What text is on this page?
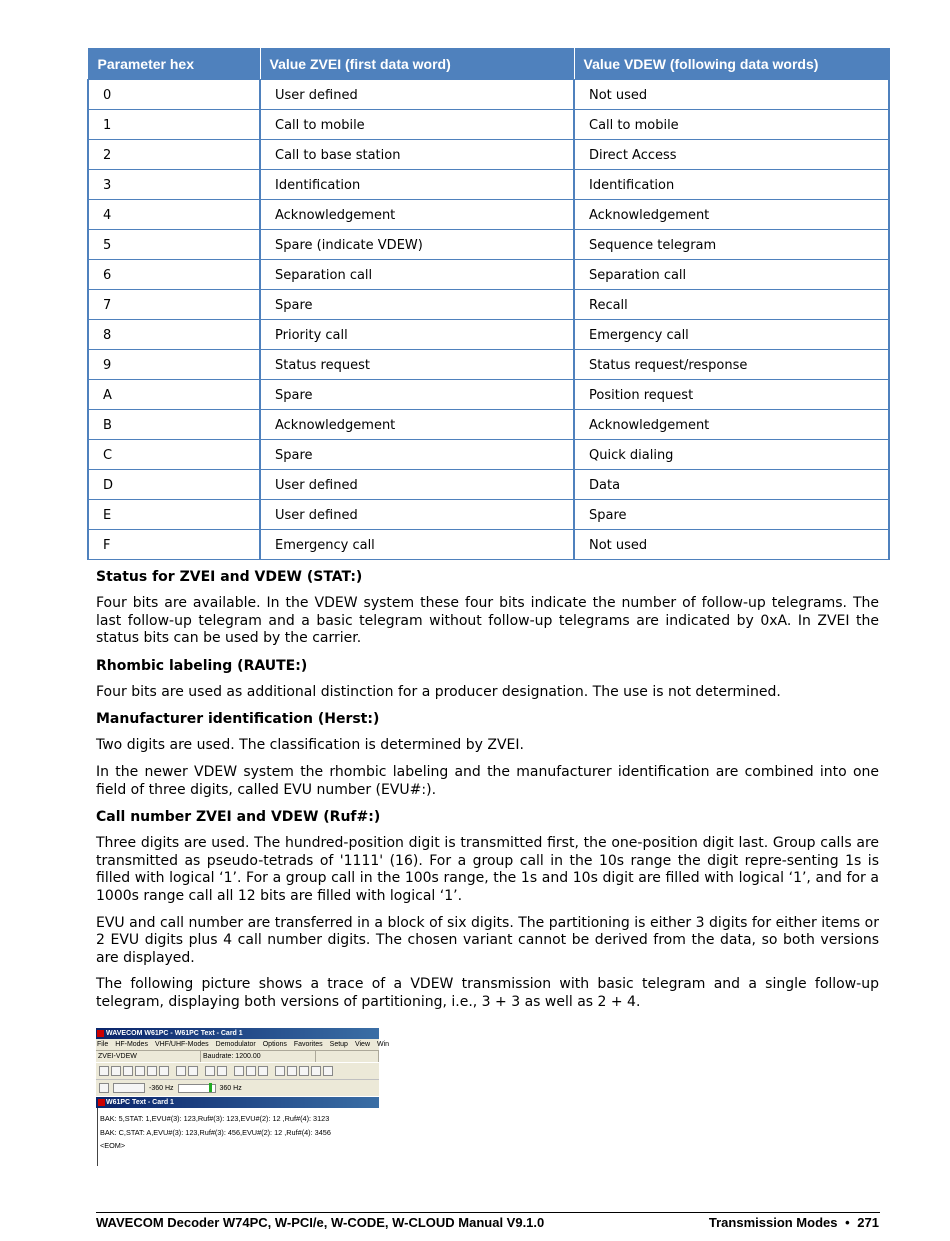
Parameter hex	Value ZVEI (first data word)	Value VDEW (following data words)
0	User defined	Not used
1	Call to mobile	Call to mobile
2	Call to base station	Direct Access
3	Identification	Identification
4	Acknowledgement	Acknowledgement
5	Spare (indicate VDEW)	Sequence telegram
6	Separation call	Separation call
7	Spare	Recall
8	Priority call	Emergency call
9	Status request	Status request/response
A	Spare	Position request
B	Acknowledgement	Acknowledgement
C	Spare	Quick dialing
D	User defined	Data
E	User defined	Spare
F	Emergency call	Not used

Status for ZVEI and VDEW (STAT:)

Four bits are available. In the VDEW system these four bits indicate the number of follow-up telegrams. The last follow-up telegram and a basic telegram without follow-up telegrams are indicated by 0xA. In ZVEI the status bits can be used by the carrier.

Rhombic labeling (RAUTE:)

Four bits are used as additional distinction for a producer designation. The use is not determined.

Manufacturer identification (Herst:)

Two digits are used. The classification is determined by ZVEI.

In the newer VDEW system the rhombic labeling and the manufacturer identification are combined into one field of three digits, called EVU number (EVU#:).

Call number ZVEI and VDEW (Ruf#:)

Three digits are used. The hundred-position digit is transmitted first, the one-position digit last. Group calls are transmitted as pseudo-tetrads of '1111' (16). For a group call in the 10s range the digit repre-senting 1s is filled with logical ‘1’. For a group call in the 100s range, the 1s and 10s digit are filled with logical ‘1’, and for a 1000s range call all 12 bits are filled with logical ‘1’.

EVU and call number are transferred in a block of six digits. The partitioning is either 3 digits for either items or 2 EVU digits plus 4 call number digits. The chosen variant cannot be derived from the data, so both versions are displayed.

The following picture shows a trace of a VDEW transmission with basic telegram and a single follow-up telegram, displaying both versions of partitioning, i.e., 3 + 3 as well as 2 + 4.

WAVECOM W61PC - W61PC Text - Card 1
File HF-Modes VHF/UHF-Modes Demodulator Options Favorites Setup View Win
ZVEI-VDEW	Baudrate: 1200.00
-360 Hz	360 Hz
W61PC Text - Card 1
BAK: 5,STAT: 1,EVU#(3): 123,Ruf#(3): 123,EVU#(2): 12 ,Ruf#(4): 3123
BAK: C,STAT: A,EVU#(3): 123,Ruf#(3): 456,EVU#(2): 12 ,Ruf#(4): 3456
<EOM>
WAVECOM Decoder W74PC, W-PCI/e, W-CODE, W-CLOUD Manual V9.1.0	Transmission Modes • 271
